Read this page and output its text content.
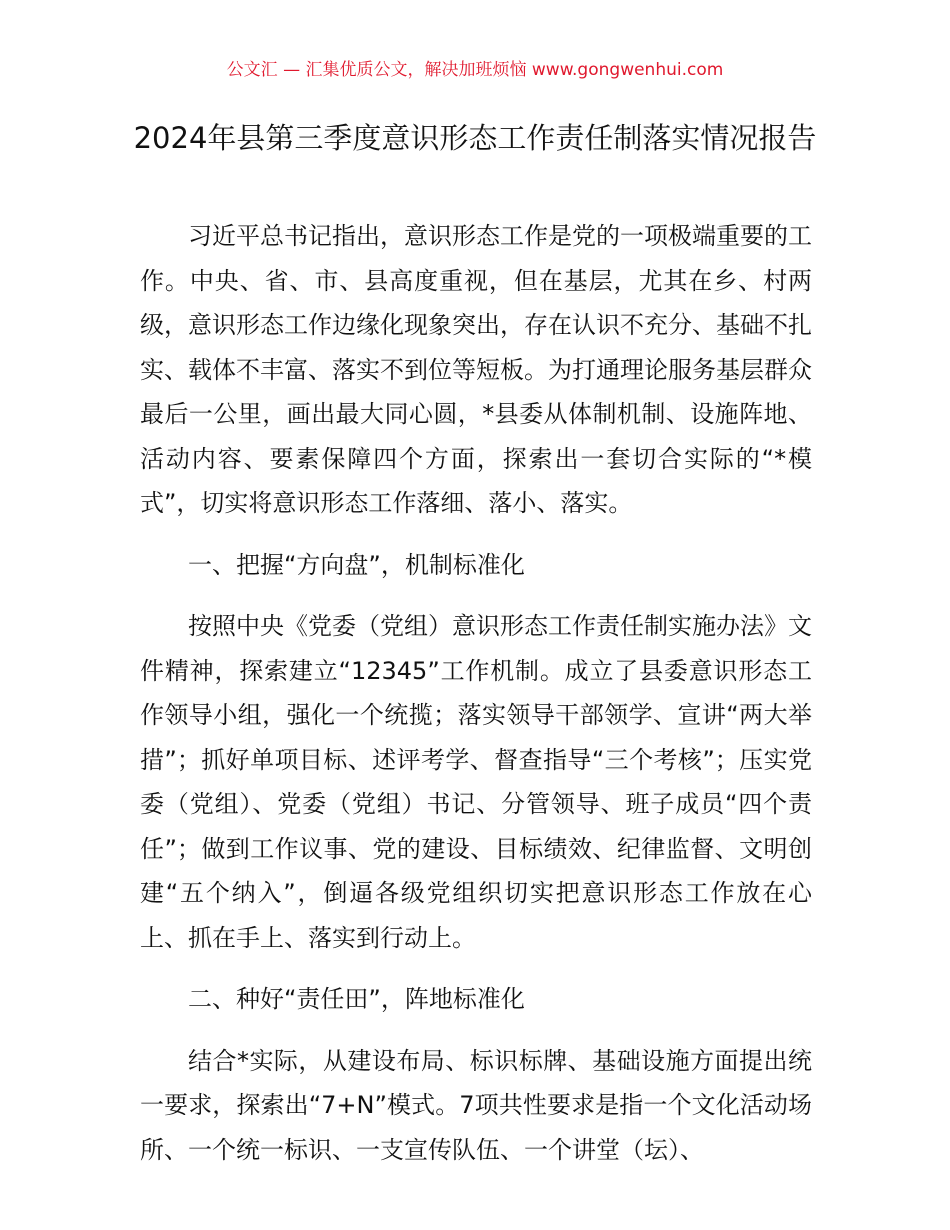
公文汇 — 汇集优质公文，解决加班烦恼 www.gongwenhui.com
2024年县第三季度意识形态工作责任制落实情况报告

习近平总书记指出，意识形态工作是党的一项极端重要的工作。中央、省、市、县高度重视，但在基层，尤其在乡、村两级，意识形态工作边缘化现象突出，存在认识不充分、基础不扎实、载体不丰富、落实不到位等短板。为打通理论服务基层群众最后一公里，画出最大同心圆，*县委从体制机制、设施阵地、活动内容、要素保障四个方面，探索出一套切合实际的“*模式”，切实将意识形态工作落细、落小、落实。

一、把握“方向盘”，机制标准化

按照中央《党委（党组）意识形态工作责任制实施办法》文件精神，探索建立“12345”工作机制。成立了县委意识形态工作领导小组，强化一个统揽；落实领导干部领学、宣讲“两大举措”；抓好单项目标、述评考学、督查指导“三个考核”；压实党委（党组）、党委（党组）书记、分管领导、班子成员“四个责任”；做到工作议事、党的建设、目标绩效、纪律监督、文明创建“五个纳入”，倒逼各级党组织切实把意识形态工作放在心上、抓在手上、落实到行动上。

二、种好“责任田”，阵地标准化

结合*实际，从建设布局、标识标牌、基础设施方面提出统一要求，探索出“7+N”模式。7项共性要求是指一个文化活动场所、一个统一标识、一支宣传队伍、一个讲堂（坛）、
